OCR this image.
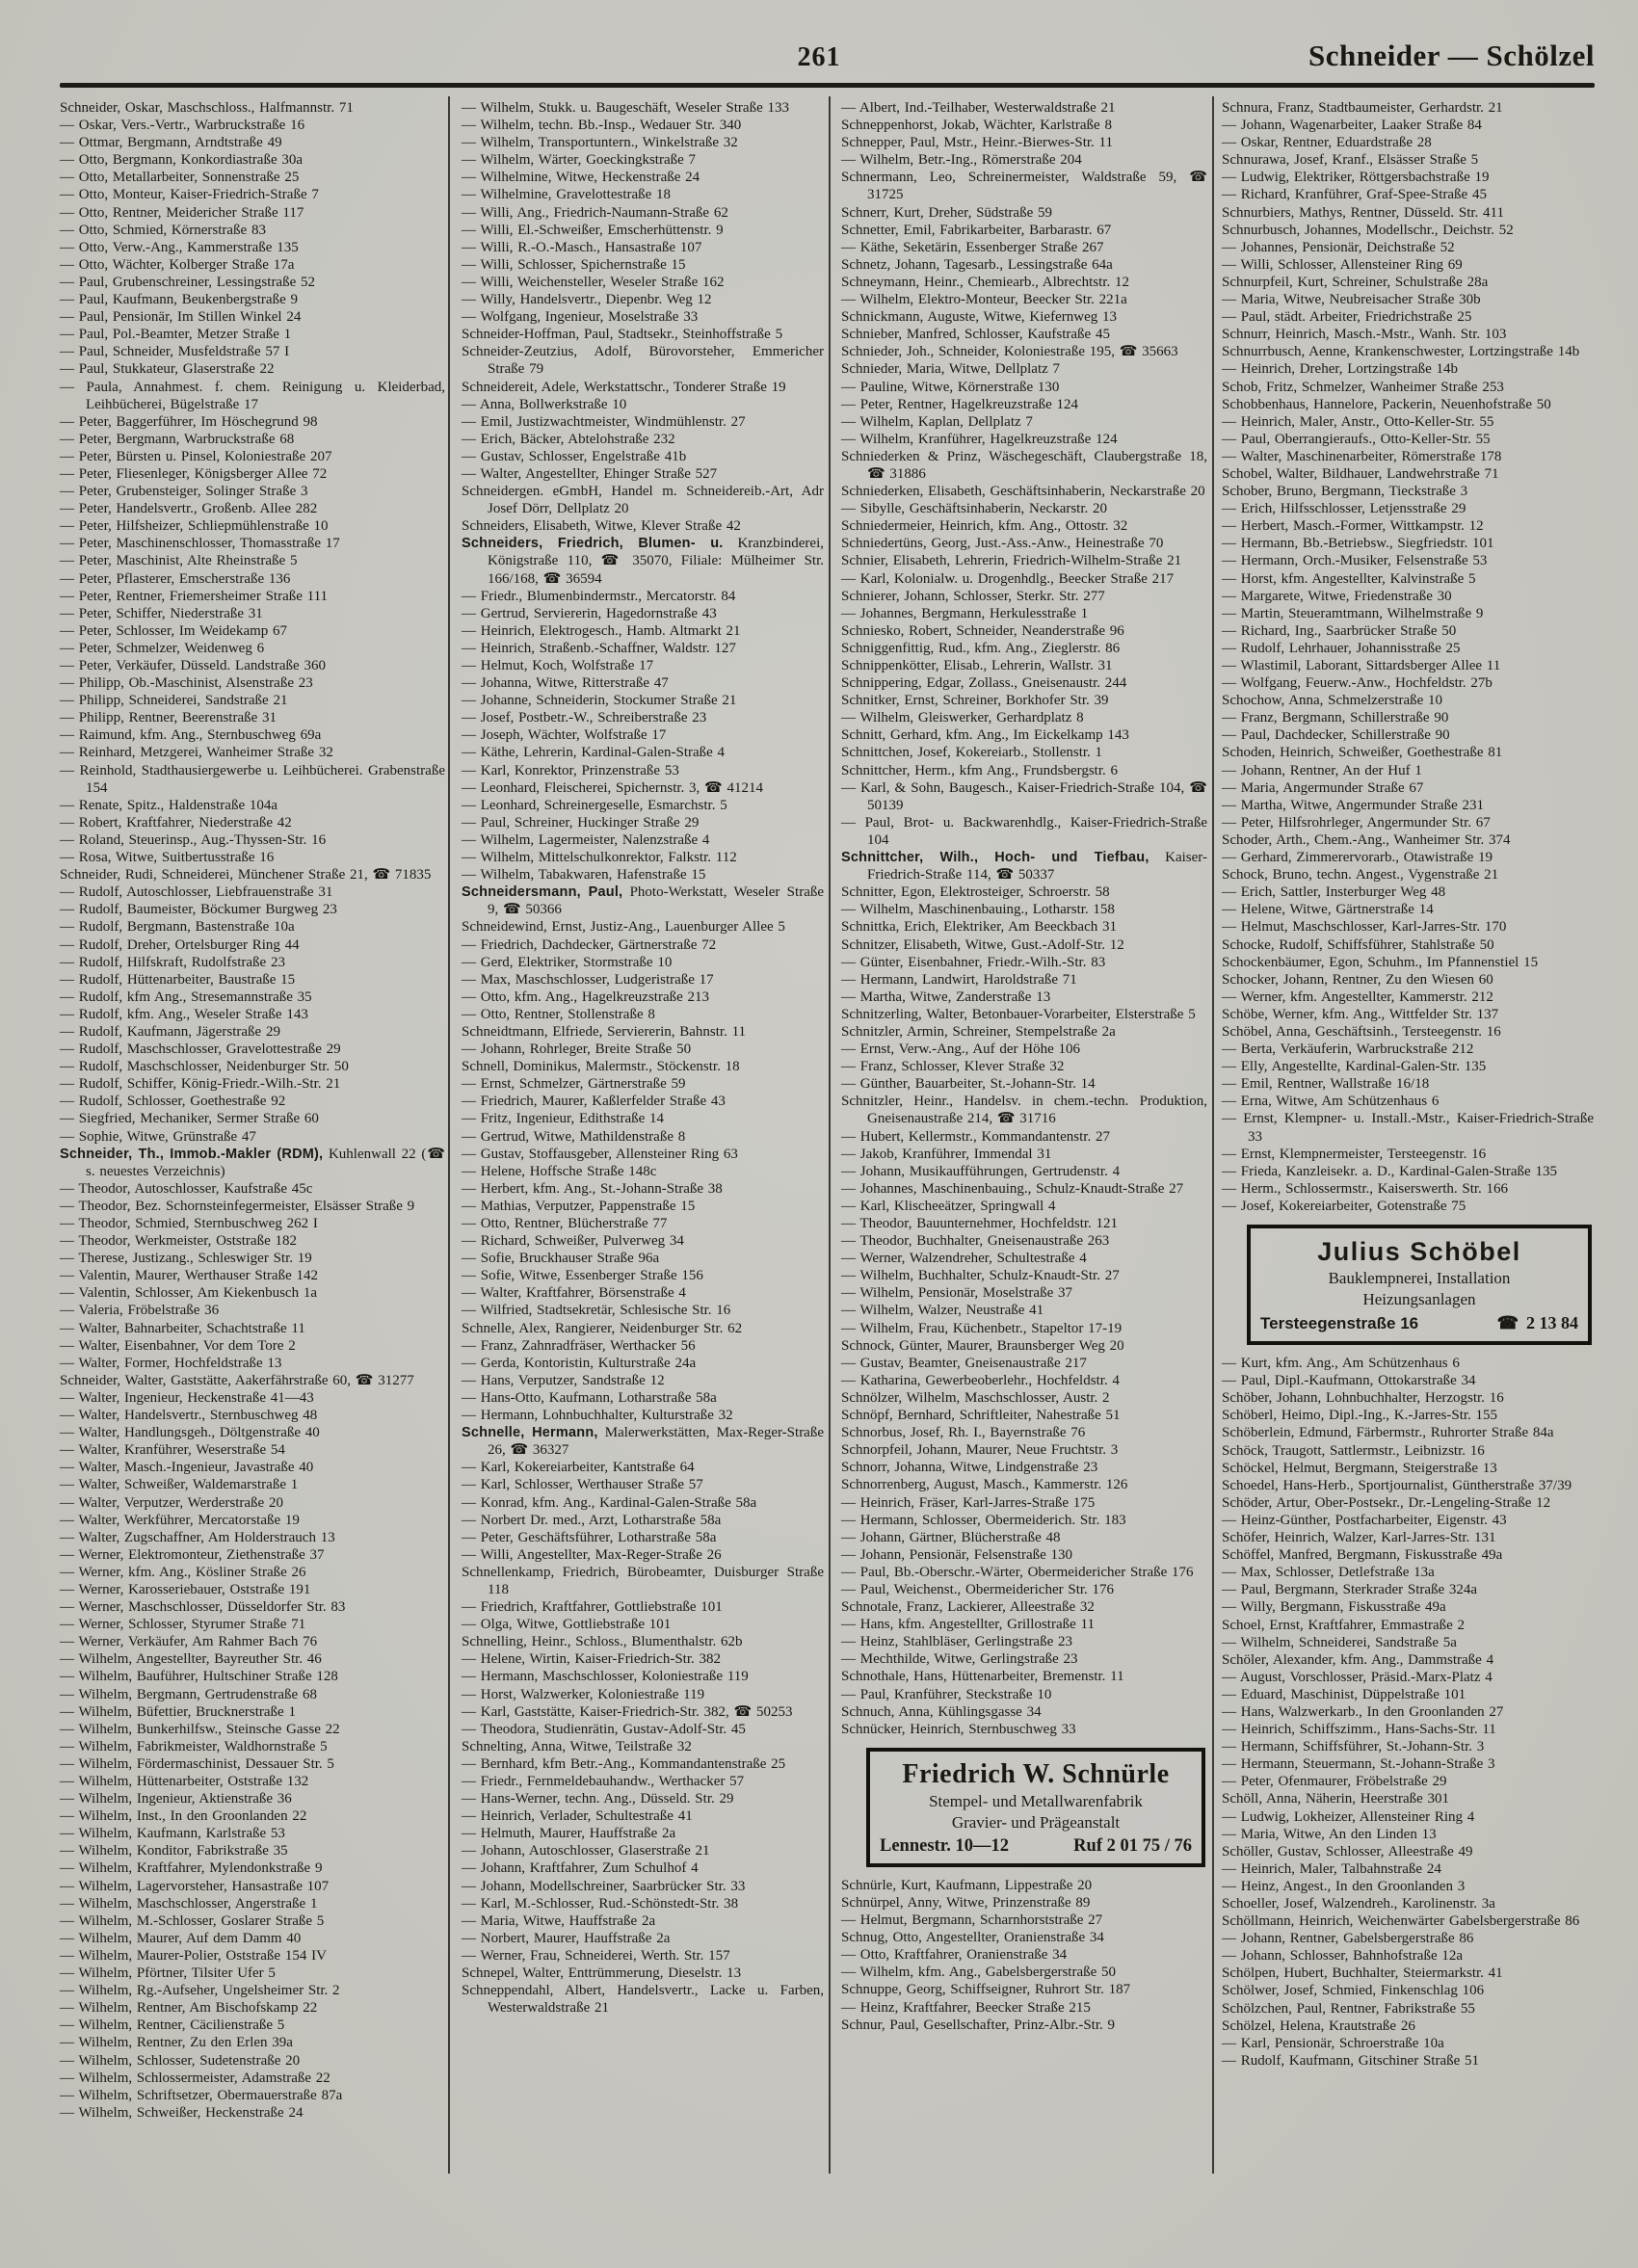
261	Schneider — Schölzel
Schneider, Oskar, Maschschloss., Halfmannstr. 71
— Oskar, Vers.-Vertr., Warbruckstraße 16
— Ottmar, Bergmann, Arndtstraße 49
— Otto, Bergmann, Konkordiastraße 30a
— Otto, Metallarbeiter, Sonnenstraße 25
— Otto, Monteur, Kaiser-Friedrich-Straße 7
— Otto, Rentner, Meidericher Straße 117
— Otto, Schmied, Körnerstraße 83
— Otto, Verw.-Ang., Kammerstraße 135
— Otto, Wächter, Kolberger Straße 17a
— Paul, Grubenschreiner, Lessingstraße 52
— Paul, Kaufmann, Beukenbergstraße 9
— Paul, Pensionär, Im Stillen Winkel 24
— Paul, Pol.-Beamter, Metzer Straße 1
— Paul, Schneider, Musfeldstraße 57 I
— Paul, Stukkateur, Glaserstraße 22
— Paula, Annahmest. f. chem. Reinigung u. Kleiderbad, Leihbücherei, Bügelstraße 17
— Peter, Baggerführer, Im Höschegrund 98
— Peter, Bergmann, Warbruckstraße 68
— Peter, Bürsten u. Pinsel, Koloniestraße 207
— Peter, Fliesenleger, Königsberger Allee 72
— Peter, Grubensteiger, Solinger Straße 3
— Peter, Handelsvertr., Großenb. Allee 282
— Peter, Hilfsheizer, Schliepmühlenstraße 10
— Peter, Maschinenschlosser, Thomasstraße 17
— Peter, Maschinist, Alte Rheinstraße 5
— Peter, Pflasterer, Emscherstraße 136
— Peter, Rentner, Friemersheimer Straße 111
— Peter, Schiffer, Niederstraße 31
— Peter, Schlosser, Im Weidekamp 67
— Peter, Schmelzer, Weidenweg 6
— Peter, Verkäufer, Düsseld. Landstraße 360
— Philipp, Ob.-Maschinist, Alsenstraße 23
— Philipp, Schneiderei, Sandstraße 21
— Philipp, Rentner, Beerenstraße 31
— Raimund, kfm. Ang., Sternbuschweg 69a
— Reinhard, Metzgerei, Wanheimer Straße 32
— Reinhold, Stadthausiergewerbe u. Leihbücherei. Grabenstraße 154
— Renate, Spitz., Haldenstraße 104a
— Robert, Kraftfahrer, Niederstraße 42
— Roland, Steuerinsp., Aug.-Thyssen-Str. 16
— Rosa, Witwe, Suitbertusstraße 16
Schneider, Rudi, Schneiderei, Münchener Straße 21, ☎ 71835
— Rudolf, Autoschlosser, Liebfrauenstraße 31
— Rudolf, Baumeister, Böckumer Burgweg 23
— Rudolf, Bergmann, Bastenstraße 10a
— Rudolf, Dreher, Ortelsburger Ring 44
— Rudolf, Hilfskraft, Rudolfstraße 23
— Rudolf, Hüttenarbeiter, Baustraße 15
— Rudolf, kfm Ang., Stresemannstraße 35
— Rudolf, kfm. Ang., Weseler Straße 143
— Rudolf, Kaufmann, Jägerstraße 29
— Rudolf, Maschschlosser, Gravelottestraße 29
— Rudolf, Maschschlosser, Neidenburger Str. 50
— Rudolf, Schiffer, König-Friedr.-Wilh.-Str. 21
— Rudolf, Schlosser, Goethestraße 92
— Siegfried, Mechaniker, Sermer Straße 60
— Sophie, Witwe, Grünstraße 47
Schneider, Th., Immob.-Makler (RDM), Kuhlenwall 22 (☎ s. neuestes Verzeichnis)
— Theodor, Autoschlosser, Kaufstraße 45c
— Theodor, Bez. Schornsteinfegermeister, Elsässer Straße 9
— Theodor, Schmied, Sternbuschweg 262 I
— Theodor, Werkmeister, Oststraße 182
— Therese, Justizang., Schleswiger Str. 19
— Valentin, Maurer, Werthauser Straße 142
— Valentin, Schlosser, Am Kiekenbusch 1a
— Valeria, Fröbelstraße 36
— Walter, Bahnarbeiter, Schachtstraße 11
— Walter, Eisenbahner, Vor dem Tore 2
— Walter, Former, Hochfeldstraße 13
Schneider, Walter, Gaststätte, Aakerfährstraße 60, ☎ 31277
— Walter, Ingenieur, Heckenstraße 41—43
— Walter, Handelsvertr., Sternbuschweg 48
— Walter, Handlungsgeh., Döltgenstraße 40
— Walter, Kranführer, Weserstraße 54
— Walter, Masch.-Ingenieur, Javastraße 40
— Walter, Schweißer, Waldemarstraße 1
— Walter, Verputzer, Werderstraße 20
— Walter, Werkführer, Mercatorstaße 19
— Walter, Zugschaffner, Am Holderstrauch 13
— Werner, Elektromonteur, Ziethenstraße 37
— Werner, kfm. Ang., Kösliner Straße 26
— Werner, Karosseriebauer, Oststraße 191
— Werner, Maschschlosser, Düsseldorfer Str. 83
— Werner, Schlosser, Styrumer Straße 71
— Werner, Verkäufer, Am Rahmer Bach 76
— Wilhelm, Angestellter, Bayreuther Str. 46
— Wilhelm, Bauführer, Hultschiner Straße 128
— Wilhelm, Bergmann, Gertrudenstraße 68
— Wilhelm, Büfettier, Brucknerstraße 1
— Wilhelm, Bunkerhilfsw., Steinsche Gasse 22
— Wilhelm, Fabrikmeister, Waldhornstraße 5
— Wilhelm, Fördermaschinist, Dessauer Str. 5
— Wilhelm, Hüttenarbeiter, Oststraße 132
— Wilhelm, Ingenieur, Aktienstraße 36
— Wilhelm, Inst., In den Groonlanden 22
— Wilhelm, Kaufmann, Karlstraße 53
— Wilhelm, Konditor, Fabrikstraße 35
— Wilhelm, Kraftfahrer, Mylendonkstraße 9
— Wilhelm, Lagervorsteher, Hansastraße 107
— Wilhelm, Maschschlosser, Angerstraße 1
— Wilhelm, M.-Schlosser, Goslarer Straße 5
— Wilhelm, Maurer, Auf dem Damm 40
— Wilhelm, Maurer-Polier, Oststraße 154 IV
— Wilhelm, Pförtner, Tilsiter Ufer 5
— Wilhelm, Rg.-Aufseher, Ungelsheimer Str. 2
— Wilhelm, Rentner, Am Bischofskamp 22
— Wilhelm, Rentner, Cäcilienstraße 5
— Wilhelm, Rentner, Zu den Erlen 39a
— Wilhelm, Schlosser, Sudetenstraße 20
— Wilhelm, Schlossermeister, Adamstraße 22
— Wilhelm, Schriftsetzer, Obermauerstraße 87a
— Wilhelm, Schweißer, Heckenstraße 24
— Wilhelm, Stukk. u. Baugeschäft, Weseler Straße 133
— Wilhelm, techn. Bb.-Insp., Wedauer Str. 340
— Wilhelm, Transportuntern., Winkelstraße 32
— Wilhelm, Wärter, Goeckingkstraße 7
— Wilhelmine, Witwe, Heckenstraße 24
— Wilhelmine, Gravelottestraße 18
— Willi, Ang., Friedrich-Naumann-Straße 62
— Willi, El.-Schweißer, Emscherhüttenstr. 9
— Willi, R.-O.-Masch., Hansastraße 107
— Willi, Schlosser, Spichernstraße 15
— Willi, Weichensteller, Weseler Straße 162
— Willy, Handelsvertr., Diepenbr. Weg 12
— Wolfgang, Ingenieur, Moselstraße 33
Schneider-Hoffman, Paul, Stadtsekr., Steinhoffstraße 5
Schneider-Zeutzius, Adolf, Bürovorsteher, Emmericher Straße 79
Schneidereit, Adele, Werkstattschr., Tonderer Straße 19
— Anna, Bollwerkstraße 10
— Emil, Justizwachtmeister, Windmühlenstr. 27
— Erich, Bäcker, Abtelohstraße 232
— Gustav, Schlosser, Engelstraße 41b
— Walter, Angestellter, Ehinger Straße 527
Schneidergen. eGmbH, Handel m. Schneidereib.-Art, Adr Josef Dörr, Dellplatz 20
Schneiders, Elisabeth, Witwe, Klever Straße 42
Schneiders, Friedrich, Blumen- u. Kranzbinderei, Königstraße 110, ☎ 35070, Filiale: Mülheimer Str. 166/168, ☎ 36594
— Friedr., Blumenbindermstr., Mercatorstr. 84
— Gertrud, Serviererin, Hagedornstraße 43
— Heinrich, Elektrogesch., Hamb. Altmarkt 21
— Heinrich, Straßenb.-Schaffner, Waldstr. 127
— Helmut, Koch, Wolfstraße 17
— Johanna, Witwe, Ritterstraße 47
— Johanne, Schneiderin, Stockumer Straße 21
— Josef, Postbetr.-W., Schreiberstraße 23
— Joseph, Wächter, Wolfstraße 17
— Käthe, Lehrerin, Kardinal-Galen-Straße 4
— Karl, Konrektor, Prinzenstraße 53
— Leonhard, Fleischerei, Spichernstr. 3, ☎ 41214
— Leonhard, Schreinergeselle, Esmarchstr. 5
— Paul, Schreiner, Huckinger Straße 29
— Wilhelm, Lagermeister, Nalenzstraße 4
— Wilhelm, Mittelschulkonrektor, Falkstr. 112
— Wilhelm, Tabakwaren, Hafenstraße 15
Schneidersmann, Paul, Photo-Werkstatt, Weseler Straße 9, ☎ 50366
Schneidewind, Ernst, Justiz-Ang., Lauenburger Allee 5
— Friedrich, Dachdecker, Gärtnerstraße 72
— Gerd, Elektriker, Stormstraße 10
— Max, Maschschlosser, Ludgeristraße 17
— Otto, kfm. Ang., Hagelkreuzstraße 213
— Otto, Rentner, Stollenstraße 8
Schneidtmann, Elfriede, Serviererin, Bahnstr. 11
— Johann, Rohrleger, Breite Straße 50
Schnell, Dominikus, Malermstr., Stöckenstr. 18
— Ernst, Schmelzer, Gärtnerstraße 59
— Friedrich, Maurer, Kaßlerfelder Straße 43
— Fritz, Ingenieur, Edithstraße 14
— Gertrud, Witwe, Mathildenstraße 8
— Gustav, Stoffausgeber, Allensteiner Ring 63
— Helene, Hoffsche Straße 148c
— Herbert, kfm. Ang., St.-Johann-Straße 38
— Mathias, Verputzer, Pappenstraße 15
— Otto, Rentner, Blücherstraße 77
— Richard, Schweißer, Pulverweg 34
— Sofie, Bruckhauser Straße 96a
— Sofie, Witwe, Essenberger Straße 156
— Walter, Kraftfahrer, Börsenstraße 4
— Wilfried, Stadtsekretär, Schlesische Str. 16
Schnelle, Alex, Rangierer, Neidenburger Str. 62
— Franz, Zahnradfräser, Werthacker 56
— Gerda, Kontoristin, Kulturstraße 24a
— Hans, Verputzer, Sandstraße 12
— Hans-Otto, Kaufmann, Lotharstraße 58a
— Hermann, Lohnbuchhalter, Kulturstraße 32
Schnelle, Hermann, Malerwerkstätten, Max-Reger-Straße 26, ☎ 36327
— Karl, Kokereiarbeiter, Kantstraße 64
— Karl, Schlosser, Werthauser Straße 57
— Konrad, kfm. Ang., Kardinal-Galen-Straße 58a
— Norbert Dr. med., Arzt, Lotharstraße 58a
— Peter, Geschäftsführer, Lotharstraße 58a
— Willi, Angestellter, Max-Reger-Straße 26
Schnellenkamp, Friedrich, Bürobeamter, Duisburger Straße 118
— Friedrich, Kraftfahrer, Gottliebstraße 101
— Olga, Witwe, Gottliebstraße 101
Schnelling, Heinr., Schloss., Blumenthalstr. 62b
— Helene, Wirtin, Kaiser-Friedrich-Str. 382
— Hermann, Maschschlosser, Koloniestraße 119
— Horst, Walzwerker, Koloniestraße 119
— Karl, Gaststätte, Kaiser-Friedrich-Str. 382, ☎ 50253
— Theodora, Studienrätin, Gustav-Adolf-Str. 45
Schnelting, Anna, Witwe, Teilstraße 32
— Bernhard, kfm Betr.-Ang., Kommandantenstraße 25
— Friedr., Fernmeldebauhandw., Werthacker 57
— Hans-Werner, techn. Ang., Düsseld. Str. 29
— Heinrich, Verlader, Schultestraße 41
— Helmuth, Maurer, Hauffstraße 2a
— Johann, Autoschlosser, Glaserstraße 21
— Johann, Kraftfahrer, Zum Schulhof 4
— Johann, Modellschreiner, Saarbrücker Str. 33
— Karl, M.-Schlosser, Rud.-Schönstedt-Str. 38
— Maria, Witwe, Hauffstraße 2a
— Norbert, Maurer, Hauffstraße 2a
— Werner, Frau, Schneiderei, Werth. Str. 157
Schnepel, Walter, Enttrümmerung, Dieselstr. 13
Schneppendahl, Albert, Handelsvertr., Lacke u. Farben, Westerwaldstraße 21
— Albert, Ind.-Teilhaber, Westerwaldstraße 21
Schneppenhorst, Jokab, Wächter, Karlstraße 8
Schnepper, Paul, Mstr., Heinr.-Bierwes-Str. 11
— Wilhelm, Betr.-Ing., Römerstraße 204
Schnermann, Leo, Schreinermeister, Waldstraße 59, ☎ 31725
Schnerr, Kurt, Dreher, Südstraße 59
Schnetter, Emil, Fabrikarbeiter, Barbarastr. 67
— Käthe, Seketärin, Essenberger Straße 267
Schnetz, Johann, Tagesarb., Lessingstraße 64a
Schneymann, Heinr., Chemiearb., Albrechtstr. 12
— Wilhelm, Elektro-Monteur, Beecker Str. 221a
Schnickmann, Auguste, Witwe, Kiefernweg 13
Schnieber, Manfred, Schlosser, Kaufstraße 45
Schnieder, Joh., Schneider, Koloniestraße 195, ☎ 35663
Schnieder, Maria, Witwe, Dellplatz 7
— Pauline, Witwe, Körnerstraße 130
— Peter, Rentner, Hagelkreuzstraße 124
— Wilhelm, Kaplan, Dellplatz 7
— Wilhelm, Kranführer, Hagelkreuzstraße 124
Schniederken & Prinz, Wäschegeschäft, Claubergstraße 18, ☎ 31886
Schniederken, Elisabeth, Geschäftsinhaberin, Neckarstraße 20
— Sibylle, Geschäftsinhaberin, Neckarstr. 20
Schniedermeier, Heinrich, kfm. Ang., Ottostr. 32
Schniedertüns, Georg, Just.-Ass.-Anw., Heinestraße 70
Schnier, Elisabeth, Lehrerin, Friedrich-Wilhelm-Straße 21
— Karl, Kolonialw. u. Drogenhdlg., Beecker Straße 217
Schnierer, Johann, Schlosser, Sterkr. Str. 277
— Johannes, Bergmann, Herkulesstraße 1
Schniesko, Robert, Schneider, Neanderstraße 96
Schniggenfittig, Rud., kfm. Ang., Zieglerstr. 86
Schnippenkötter, Elisab., Lehrerin, Wallstr. 31
Schnippering, Edgar, Zollass., Gneisenaustr. 244
Schnitker, Ernst, Schreiner, Borkhofer Str. 39
— Wilhelm, Gleiswerker, Gerhardplatz 8
Schnitt, Gerhard, kfm. Ang., Im Eickelkamp 143
Schnittchen, Josef, Kokereiarb., Stollenstr. 1
Schnittcher, Herm., kfm Ang., Frundsbergstr. 6
— Karl, & Sohn, Baugesch., Kaiser-Friedrich-Straße 104, ☎ 50139
— Paul, Brot- u. Backwarenhdlg., Kaiser-Friedrich-Straße 104
Schnittcher, Wilh., Hoch- und Tiefbau, Kaiser-Friedrich-Straße 114, ☎ 50337
Schnitter, Egon, Elektrosteiger, Schroerstr. 58
— Wilhelm, Maschinenbauing., Lotharstr. 158
Schnittka, Erich, Elektriker, Am Beeckbach 31
Schnitzer, Elisabeth, Witwe, Gust.-Adolf-Str. 12
— Günter, Eisenbahner, Friedr.-Wilh.-Str. 83
— Hermann, Landwirt, Haroldstraße 71
— Martha, Witwe, Zanderstraße 13
Schnitzerling, Walter, Betonbauer-Vorarbeiter, Elsterstraße 5
Schnitzler, Armin, Schreiner, Stempelstraße 2a
— Ernst, Verw.-Ang., Auf der Höhe 106
— Franz, Schlosser, Klever Straße 32
— Günther, Bauarbeiter, St.-Johann-Str. 14
Schnitzler, Heinr., Handelsv. in chem.-techn. Produktion, Gneisenaustraße 214, ☎ 31716
— Hubert, Kellermstr., Kommandantenstr. 27
— Jakob, Kranführer, Immendal 31
— Johann, Musikaufführungen, Gertrudenstr. 4
— Johannes, Maschinenbauing., Schulz-Knaudt-Straße 27
— Karl, Klischeeätzer, Springwall 4
— Theodor, Bauunternehmer, Hochfeldstr. 121
— Theodor, Buchhalter, Gneisenaustraße 263
— Werner, Walzendreher, Schultestraße 4
— Wilhelm, Buchhalter, Schulz-Knaudt-Str. 27
— Wilhelm, Pensionär, Moselstraße 37
— Wilhelm, Walzer, Neustraße 41
— Wilhelm, Frau, Küchenbetr., Stapeltor 17-19
Schnock, Günter, Maurer, Braunsberger Weg 20
— Gustav, Beamter, Gneisenaustraße 217
— Katharina, Gewerbeoberlehr., Hochfeldstr. 4
Schnölzer, Wilhelm, Maschschlosser, Austr. 2
Schnöpf, Bernhard, Schriftleiter, Nahestraße 51
Schnorbus, Josef, Rh. I., Bayernstraße 76
Schnorpfeil, Johann, Maurer, Neue Fruchtstr. 3
Schnorr, Johanna, Witwe, Lindgenstraße 23
Schnorrenberg, August, Masch., Kammerstr. 126
— Heinrich, Fräser, Karl-Jarres-Straße 175
— Hermann, Schlosser, Obermeiderich. Str. 183
— Johann, Gärtner, Blücherstraße 48
— Johann, Pensionär, Felsenstraße 130
— Paul, Bb.-Oberschr.-Wärter, Obermeidericher Straße 176
— Paul, Weichenst., Obermeidericher Str. 176
Schnotale, Franz, Lackierer, Alleestraße 32
— Hans, kfm. Angestellter, Grillostraße 11
— Heinz, Stahlbläser, Gerlingstraße 23
— Mechthilde, Witwe, Gerlingstraße 23
Schnothale, Hans, Hüttenarbeiter, Bremenstr. 11
— Paul, Kranführer, Steckstraße 10
Schnuch, Anna, Kühlingsgasse 34
Schnücker, Heinrich, Sternbuschweg 33
Friedrich W. Schnürle
Stempel- und Metallwarenfabrik
Gravier- und Prägeanstalt
Lennestr. 10—12	Ruf 2 01 75 / 76
Schnürle, Kurt, Kaufmann, Lippestraße 20
Schnürpel, Anny, Witwe, Prinzenstraße 89
— Helmut, Bergmann, Scharnhorststraße 27
Schnug, Otto, Angestellter, Oranienstraße 34
— Otto, Kraftfahrer, Oranienstraße 34
— Wilhelm, kfm. Ang., Gabelsbergerstraße 50
Schnuppe, Georg, Schiffseigner, Ruhrort Str. 187
— Heinz, Kraftfahrer, Beecker Straße 215
Schnur, Paul, Gesellschafter, Prinz-Albr.-Str. 9
Schnura, Franz, Stadtbaumeister, Gerhardstr. 21
— Johann, Wagenarbeiter, Laaker Straße 84
— Oskar, Rentner, Eduardstraße 28
Schnurawa, Josef, Kranf., Elsässer Straße 5
— Ludwig, Elektriker, Röttgersbachstraße 19
— Richard, Kranführer, Graf-Spee-Straße 45
Schnurbiers, Mathys, Rentner, Düsseld. Str. 411
Schnurbusch, Johannes, Modellschr., Deichstr. 52
— Johannes, Pensionär, Deichstraße 52
— Willi, Schlosser, Allensteiner Ring 69
Schnurpfeil, Kurt, Schreiner, Schulstraße 28a
— Maria, Witwe, Neubreisacher Straße 30b
— Paul, städt. Arbeiter, Friedrichstraße 25
Schnurr, Heinrich, Masch.-Mstr., Wanh. Str. 103
Schnurrbusch, Aenne, Krankenschwester, Lortzingstraße 14b
— Heinrich, Dreher, Lortzingstraße 14b
Schob, Fritz, Schmelzer, Wanheimer Straße 253
Schobbenhaus, Hannelore, Packerin, Neuenhofstraße 50
— Heinrich, Maler, Anstr., Otto-Keller-Str. 55
— Paul, Oberrangieraufs., Otto-Keller-Str. 55
— Walter, Maschinenarbeiter, Römerstraße 178
Schobel, Walter, Bildhauer, Landwehrstraße 71
Schober, Bruno, Bergmann, Tieckstraße 3
— Erich, Hilfsschlosser, Letjensstraße 29
— Herbert, Masch.-Former, Wittkampstr. 12
— Hermann, Bb.-Betriebsw., Siegfriedstr. 101
— Hermann, Orch.-Musiker, Felsenstraße 53
— Horst, kfm. Angestellter, Kalvinstraße 5
— Margarete, Witwe, Friedenstraße 30
— Martin, Steueramtmann, Wilhelmstraße 9
— Richard, Ing., Saarbrücker Straße 50
— Rudolf, Lehrhauer, Johannisstraße 25
— Wlastimil, Laborant, Sittardsberger Allee 11
— Wolfgang, Feuerw.-Anw., Hochfeldstr. 27b
Schochow, Anna, Schmelzerstraße 10
— Franz, Bergmann, Schillerstraße 90
— Paul, Dachdecker, Schillerstraße 90
Schoden, Heinrich, Schweißer, Goethestraße 81
— Johann, Rentner, An der Huf 1
— Maria, Angermunder Straße 67
— Martha, Witwe, Angermunder Straße 231
— Peter, Hilfsrohrleger, Angermunder Str. 67
Schoder, Arth., Chem.-Ang., Wanheimer Str. 374
— Gerhard, Zimmerervorarb., Otawistraße 19
Schock, Bruno, techn. Angest., Vygenstraße 21
— Erich, Sattler, Insterburger Weg 48
— Helene, Witwe, Gärtnerstraße 14
— Helmut, Maschschlosser, Karl-Jarres-Str. 170
Schocke, Rudolf, Schiffsführer, Stahlstraße 50
Schockenbäumer, Egon, Schuhm., Im Pfannenstiel 15
Schocker, Johann, Rentner, Zu den Wiesen 60
— Werner, kfm. Angestellter, Kammerstr. 212
Schöbe, Werner, kfm. Ang., Wittfelder Str. 137
Schöbel, Anna, Geschäftsinh., Tersteegenstr. 16
— Berta, Verkäuferin, Warbruckstraße 212
— Elly, Angestellte, Kardinal-Galen-Str. 135
— Emil, Rentner, Wallstraße 16/18
— Erna, Witwe, Am Schützenhaus 6
— Ernst, Klempner- u. Install.-Mstr., Kaiser-Friedrich-Straße 33
— Ernst, Klempnermeister, Tersteegenstr. 16
— Frieda, Kanzleisekr. a. D., Kardinal-Galen-Straße 135
— Herm., Schlossermstr., Kaiserswerth. Str. 166
— Josef, Kokereiarbeiter, Gotenstraße 75
Julius Schöbel
Bauklempnerei, Installation
Heizungsanlagen
Tersteegenstraße 16	☎ 2 13 84
— Kurt, kfm. Ang., Am Schützenhaus 6
— Paul, Dipl.-Kaufmann, Ottokarstraße 34
Schöber, Johann, Lohnbuchhalter, Herzogstr. 16
Schöberl, Heimo, Dipl.-Ing., K.-Jarres-Str. 155
Schöberlein, Edmund, Färbermstr., Ruhrorter Straße 84a
Schöck, Traugott, Sattlermstr., Leibnizstr. 16
Schöckel, Helmut, Bergmann, Steigerstraße 13
Schoedel, Hans-Herb., Sportjournalist, Güntherstraße 37/39
Schöder, Artur, Ober-Postsekr., Dr.-Lengeling-Straße 12
— Heinz-Günther, Postfacharbeiter, Eigenstr. 43
Schöfer, Heinrich, Walzer, Karl-Jarres-Str. 131
Schöffel, Manfred, Bergmann, Fiskusstraße 49a
— Max, Schlosser, Detlefstraße 13a
— Paul, Bergmann, Sterkrader Straße 324a
— Willy, Bergmann, Fiskusstraße 49a
Schoel, Ernst, Kraftfahrer, Emmastraße 2
— Wilhelm, Schneiderei, Sandstraße 5a
Schöler, Alexander, kfm. Ang., Dammstraße 4
— August, Vorschlosser, Präsid.-Marx-Platz 4
— Eduard, Maschinist, Düppelstraße 101
— Hans, Walzwerkarb., In den Groonlanden 27
— Heinrich, Schiffszimm., Hans-Sachs-Str. 11
— Hermann, Schiffsführer, St.-Johann-Str. 3
— Hermann, Steuermann, St.-Johann-Straße 3
— Peter, Ofenmaurer, Fröbelstraße 29
Schöll, Anna, Näherin, Heerstraße 301
— Ludwig, Lokheizer, Allensteiner Ring 4
— Maria, Witwe, An den Linden 13
Schöller, Gustav, Schlosser, Alleestraße 49
— Heinrich, Maler, Talbahnstraße 24
— Heinz, Angest., In den Groonlanden 3
Schoeller, Josef, Walzendreh., Karolinenstr. 3a
Schöllmann, Heinrich, Weichenwärter Gabelsbergerstraße 86
— Johann, Rentner, Gabelsbergerstraße 86
— Johann, Schlosser, Bahnhofstraße 12a
Schölpen, Hubert, Buchhalter, Steiermarkstr. 41
Schölwer, Josef, Schmied, Finkenschlag 106
Schölzchen, Paul, Rentner, Fabrikstraße 55
Schölzel, Helena, Krautstraße 26
— Karl, Pensionär, Schroerstraße 10a
— Rudolf, Kaufmann, Gitschiner Straße 51
